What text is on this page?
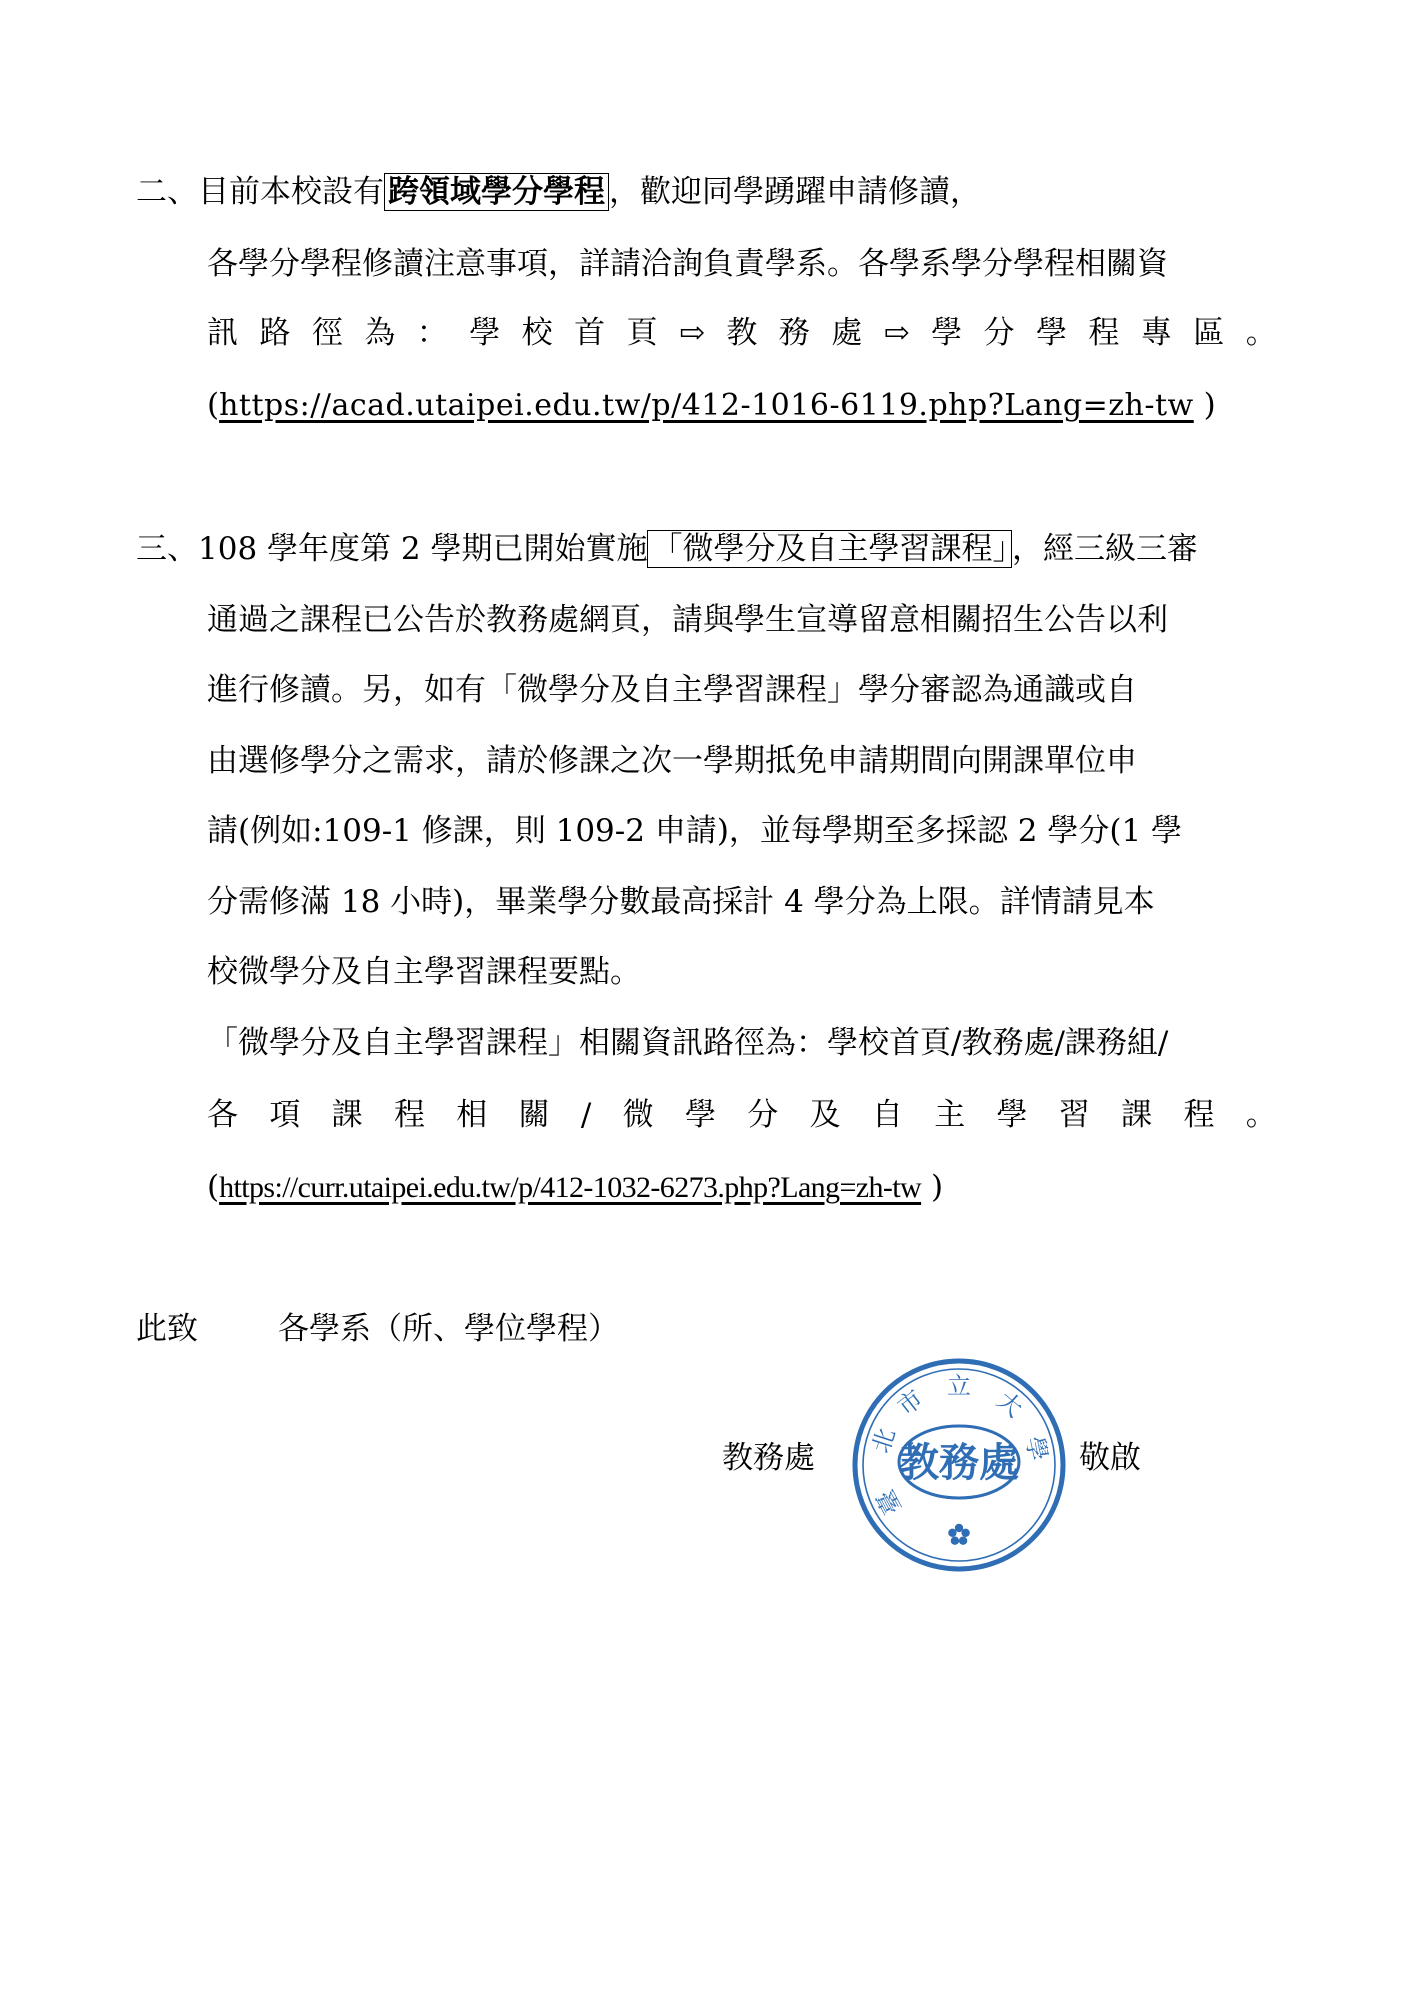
二、目前本校設有 跨領域學分學程 ，歡迎同學踴躍申請修讀，
各學分學程修讀注意事項，詳請洽詢負責學系。各學系學分學程相關資
訊 路 徑 為 ： 學 校 首 頁 ⇨ 教 務 處 ⇨ 學 分 學 程 專 區 。
(https://acad.utaipei.edu.tw/p/412-1016-6119.php?Lang=zh-tw )
三、108 學年度第 2 學期已開始實施 「微學分及自主學習課程」 ，經三級三審
通過之課程已公告於教務處網頁，請與學生宣導留意相關招生公告以利
進行修讀。另，如有「微學分及自主學習課程」學分審認為通識或自
由選修學分之需求，請於修課之次一學期抵免申請期間向開課單位申
請(例如:109-1 修課，則 109-2 申請)，並每學期至多採認 2 學分(1 學
分需修滿 18 小時)，畢業學分數最高採計 4 學分為上限。詳情請見本
校微學分及自主學習課程要點。
「微學分及自主學習課程」相關資訊路徑為：學校首頁/教務處/課務組/
各 項 課 程 相 關 / 微 學 分 及 自 主 學 習 課 程 。
(https://curr.utaipei.edu.tw/p/412-1032-6273.php?Lang=zh-tw )
此致	各學系（所、學位學程）
教務處	敬啟
臺
北
市 立
大
學
教務處
